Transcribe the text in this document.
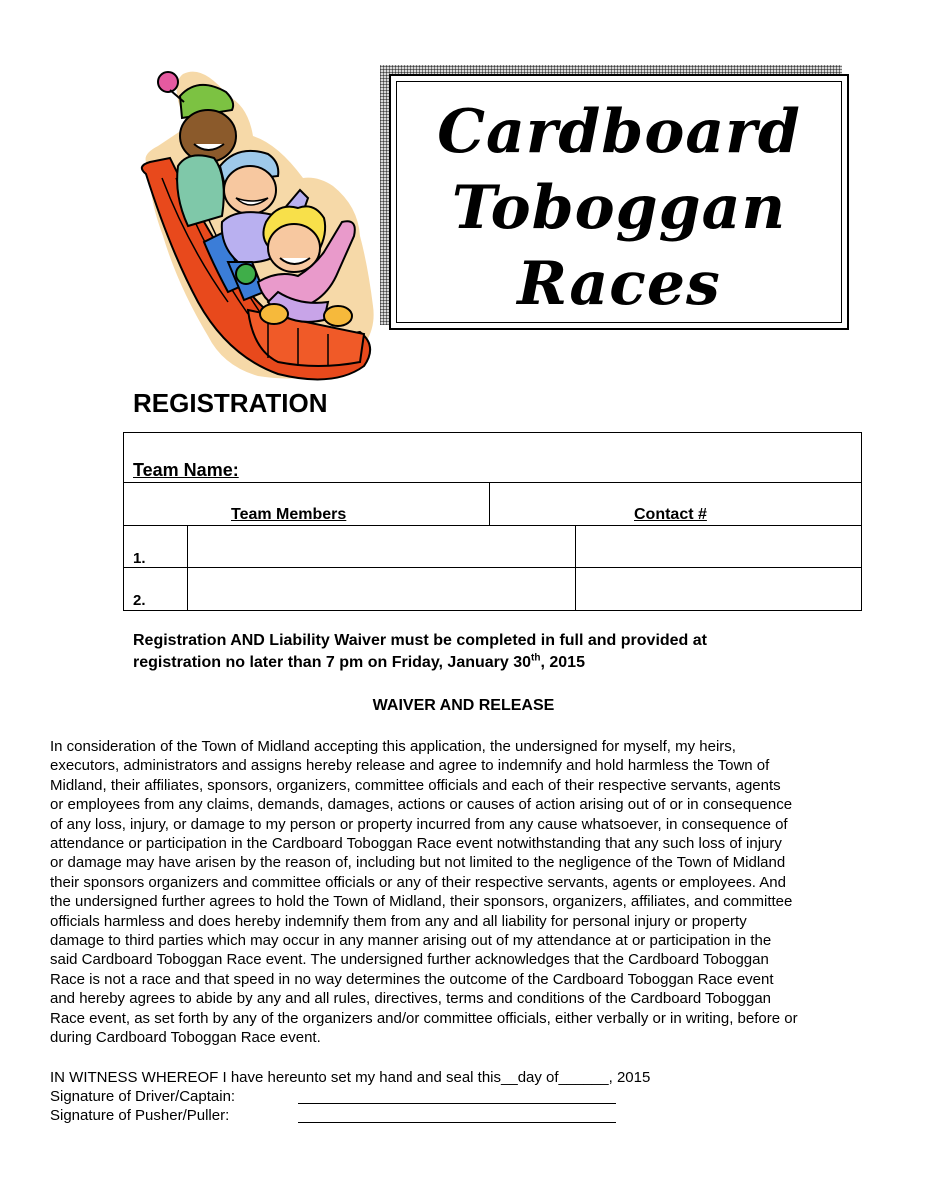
Cardboard
Toboggan
Races
REGISTRATION
Team Name:
Team Members	Contact #
1.
2.
Registration AND Liability Waiver must be completed in full and provided at
registration no later than 7 pm on Friday, January 30th, 2015
WAIVER AND RELEASE
In consideration of the Town of Midland accepting this application, the undersigned for myself, my heirs,
executors, administrators and assigns hereby release and agree to indemnify and hold harmless the Town of
Midland, their affiliates, sponsors, organizers, committee officials and each of their respective servants, agents
or employees from any claims, demands, damages, actions or causes of action arising out of or in consequence
of any loss, injury, or damage to my person or property incurred from any cause whatsoever, in consequence of
attendance or participation in the Cardboard Toboggan Race event notwithstanding that any such loss of injury
or damage may have arisen by the reason of, including but not limited to the negligence of the Town of Midland
their sponsors organizers and committee officials or any of their respective servants, agents or employees. And
the undersigned further agrees to hold the Town of Midland, their sponsors, organizers, affiliates, and committee
officials harmless and does hereby indemnify them from any and all liability for personal injury or property
damage to third parties which may occur in any manner arising out of my attendance at or participation in the
said Cardboard Toboggan Race event. The undersigned further acknowledges that the Cardboard Toboggan
Race is not a race and that speed in no way determines the outcome of the Cardboard Toboggan Race event
and hereby agrees to abide by any and all rules, directives, terms and conditions of the Cardboard Toboggan
Race event, as set forth by any of the organizers and/or committee officials, either verbally or in writing, before or
during Cardboard Toboggan Race event.
IN WITNESS WHEREOF I have hereunto set my hand and seal this__day of______, 2015
Signature of Driver/Captain:
Signature of Pusher/Puller:
